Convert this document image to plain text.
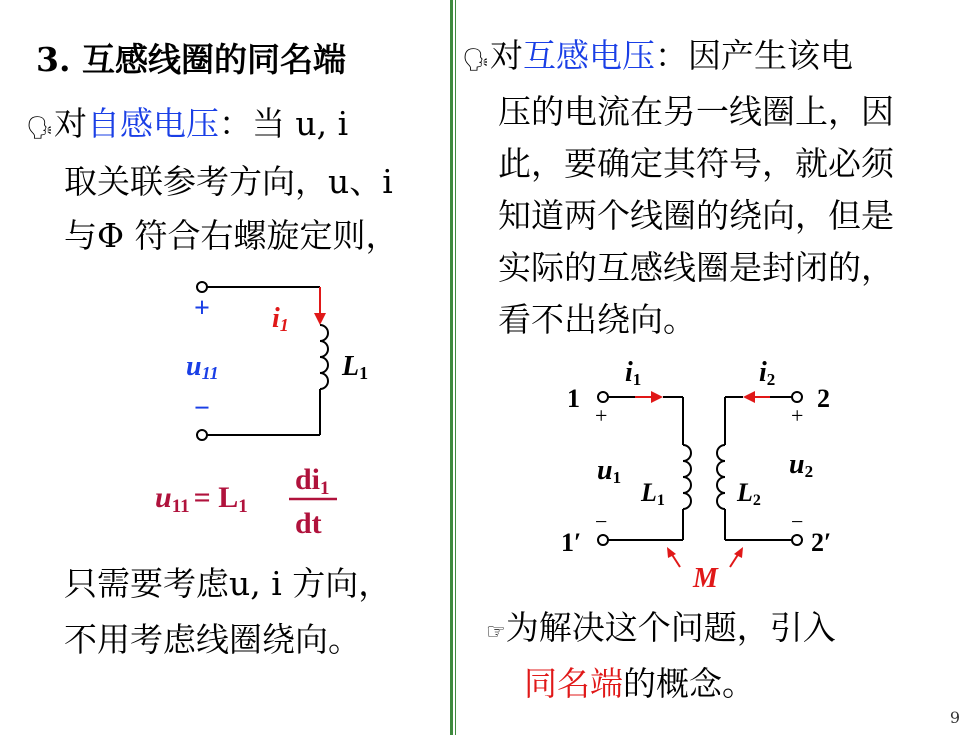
3. 互感线圈的同名端
🗣对自感电压：当 u, i
取关联参考方向，u、i
与Φ 符合右螺旋定则，
+
−
u11
i1
L1
u11 = L1
di1
dt
只需要考虑u, i 方向，
不用考虑线圈绕向。
🗣对互感电压：因产生该电
压的电流在另一线圈上，因
此，要确定其符号，就必须
知道两个线圈的绕向，但是
实际的互感线圈是封闭的，
看不出绕向。
1	2
1′	2′
+	+
−	−
i1	i2
u1	u2
L1	L2
M
☞为解决这个问题，引入
同名端的概念。
9
